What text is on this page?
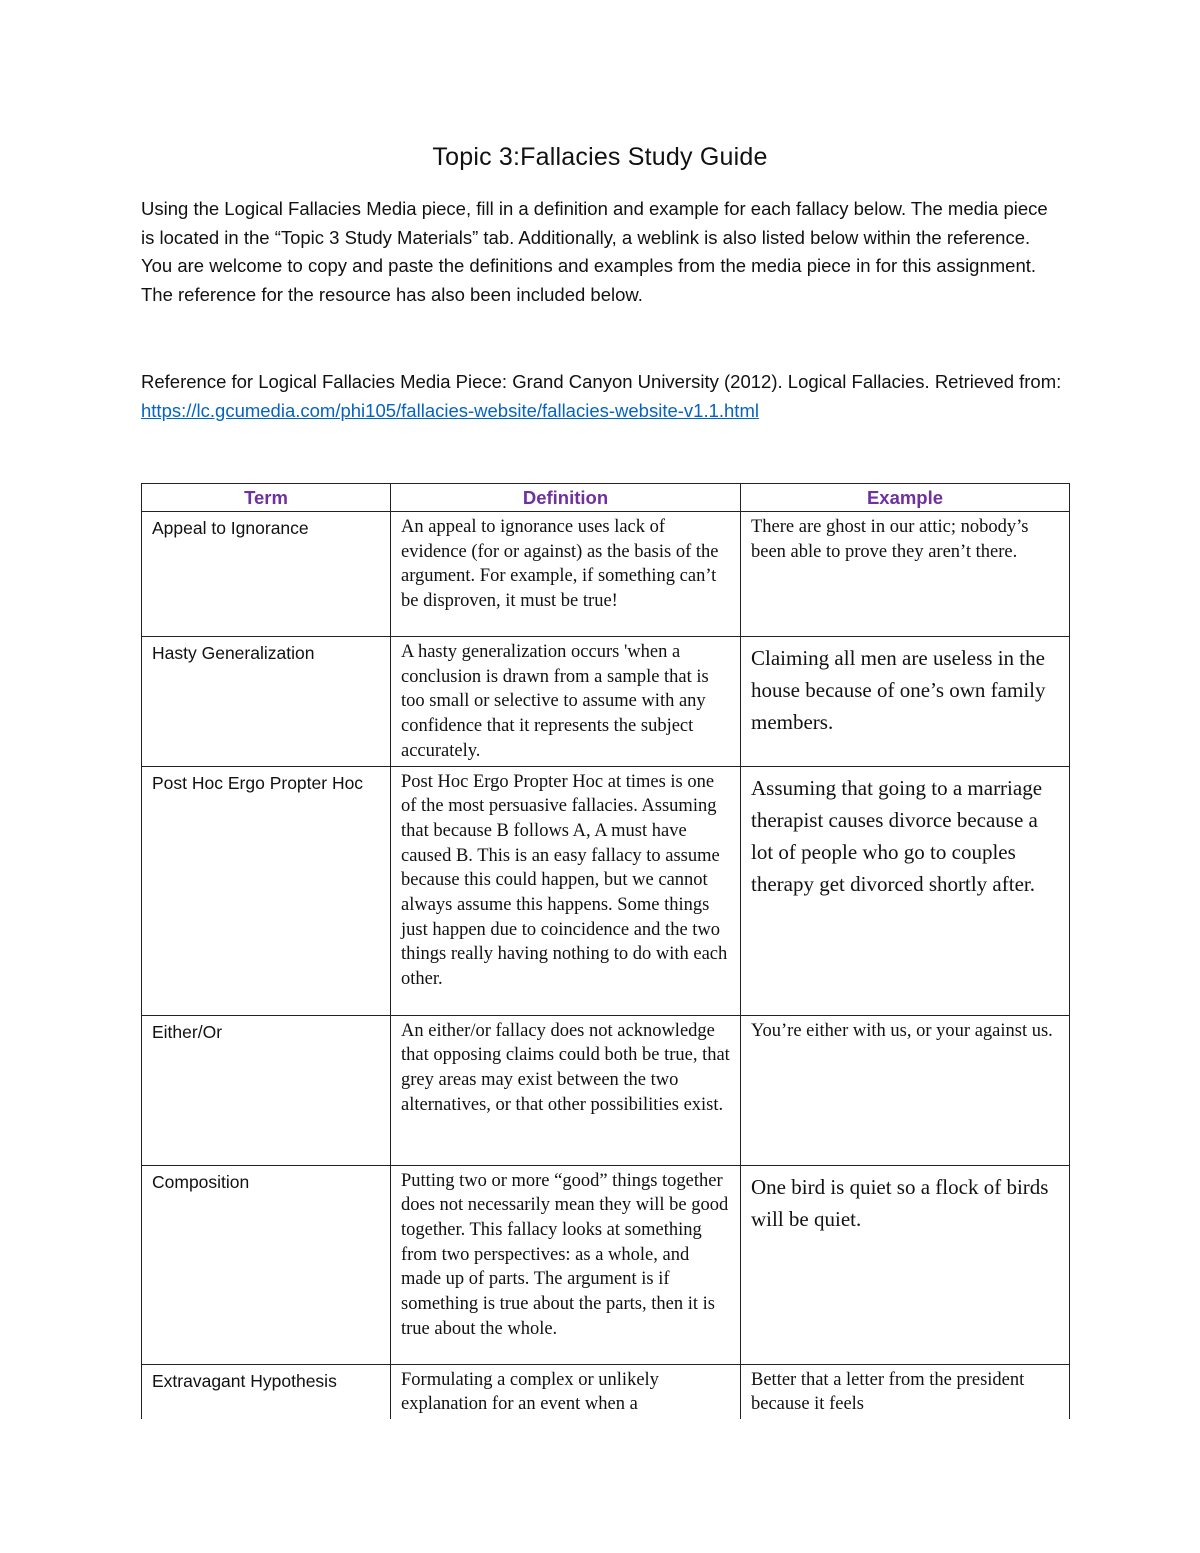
Topic 3:Fallacies Study Guide

Using the Logical Fallacies Media piece, fill in a definition and example for each fallacy below. The media piece is located in the “Topic 3 Study Materials” tab. Additionally, a weblink is also listed below within the reference. You are welcome to copy and paste the definitions and examples from the media piece in for this assignment. The reference for the resource has also been included below.

Reference for Logical Fallacies Media Piece: Grand Canyon University (2012). Logical Fallacies. Retrieved from: https://lc.gcumedia.com/phi105/fallacies-website/fallacies-website-v1.1.html

Term	Definition	Example
Appeal to Ignorance	An appeal to ignorance uses lack of evidence (for or against) as the basis of the argument. For example, if something can’t be disproven, it must be true!	There are ghost in our attic; nobody’s been able to prove they aren’t there.
Hasty Generalization	A hasty generalization occurs 'when a conclusion is drawn from a sample that is too small or selective to assume with any confidence that it represents the subject accurately.	Claiming all men are useless in the house because of one’s own family members.
Post Hoc Ergo Propter Hoc	Post Hoc Ergo Propter Hoc at times is one of the most persuasive fallacies. Assuming that because B follows A, A must have caused B. This is an easy fallacy to assume because this could happen, but we cannot always assume this happens. Some things just happen due to coincidence and the two things really having nothing to do with each other.	Assuming that going to a marriage therapist causes divorce because a lot of people who go to couples therapy get divorced shortly after.
Either/Or	An either/or fallacy does not acknowledge that opposing claims could both be true, that grey areas may exist between the two alternatives, or that other possibilities exist.	You’re either with us, or your against us.
Composition	Putting two or more “good” things together does not necessarily mean they will be good together. This fallacy looks at something from two perspectives: as a whole, and made up of parts. The argument is if something is true about the parts, then it is true about the whole.	One bird is quiet so a flock of birds will be quiet.
Extravagant Hypothesis	Formulating a complex or unlikely explanation for an event when a	Better that a letter from the president because it feels
